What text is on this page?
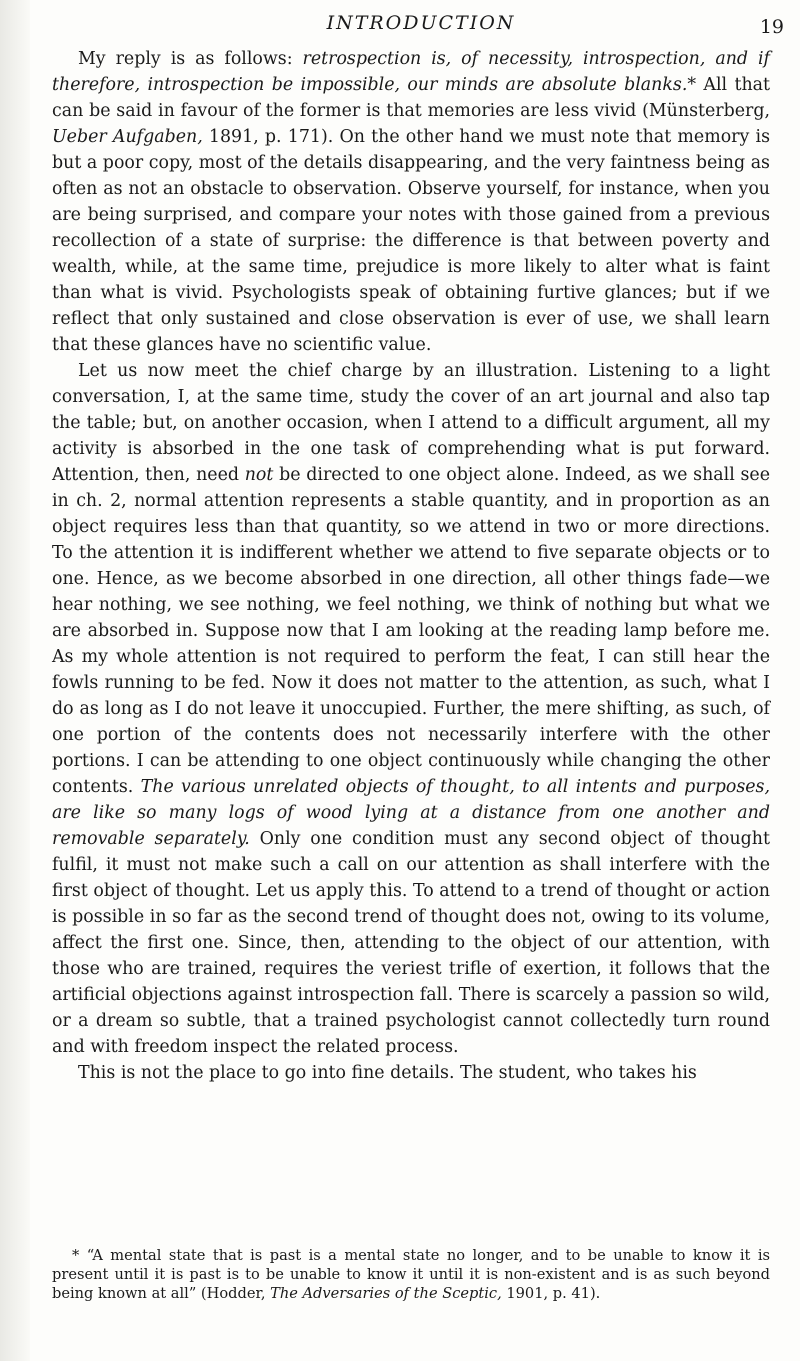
INTRODUCTION	19

My reply is as follows: retrospection is, of necessity, introspection, and if therefore, introspection be impossible, our minds are absolute blanks.* All that can be said in favour of the former is that memories are less vivid (Münsterberg, Ueber Aufgaben, 1891, p. 171). On the other hand we must note that memory is but a poor copy, most of the details disappearing, and the very faintness being as often as not an obstacle to observation. Observe yourself, for instance, when you are being surprised, and compare your notes with those gained from a previous recollection of a state of surprise: the difference is that between poverty and wealth, while, at the same time, prejudice is more likely to alter what is faint than what is vivid. Psychologists speak of obtaining furtive glances; but if we reflect that only sustained and close observation is ever of use, we shall learn that these glances have no scientific value.

Let us now meet the chief charge by an illustration. Listening to a light conversation, I, at the same time, study the cover of an art journal and also tap the table; but, on another occasion, when I attend to a difficult argument, all my activity is absorbed in the one task of comprehending what is put forward. Attention, then, need not be directed to one object alone. Indeed, as we shall see in ch. 2, normal attention represents a stable quantity, and in proportion as an object requires less than that quantity, so we attend in two or more directions. To the attention it is indifferent whether we attend to five separate objects or to one. Hence, as we become absorbed in one direction, all other things fade—we hear nothing, we see nothing, we feel nothing, we think of nothing but what we are absorbed in. Suppose now that I am looking at the reading lamp before me. As my whole attention is not required to perform the feat, I can still hear the fowls running to be fed. Now it does not matter to the attention, as such, what I do as long as I do not leave it unoccupied. Further, the mere shifting, as such, of one portion of the contents does not necessarily interfere with the other portions. I can be attending to one object continuously while changing the other contents. The various unrelated objects of thought, to all intents and purposes, are like so many logs of wood lying at a distance from one another and removable separately. Only one condition must any second object of thought fulfil, it must not make such a call on our attention as shall interfere with the first object of thought. Let us apply this. To attend to a trend of thought or action is possible in so far as the second trend of thought does not, owing to its volume, affect the first one. Since, then, attending to the object of our attention, with those who are trained, requires the veriest trifle of exertion, it follows that the artificial objections against introspection fall. There is scarcely a passion so wild, or a dream so subtle, that a trained psychologist cannot collectedly turn round and with freedom inspect the related process.

This is not the place to go into fine details. The student, who takes his

* “A mental state that is past is a mental state no longer, and to be unable to know it is present until it is past is to be unable to know it until it is non-existent and is as such beyond being known at all” (Hodder, The Adversaries of the Sceptic, 1901, p. 41).
